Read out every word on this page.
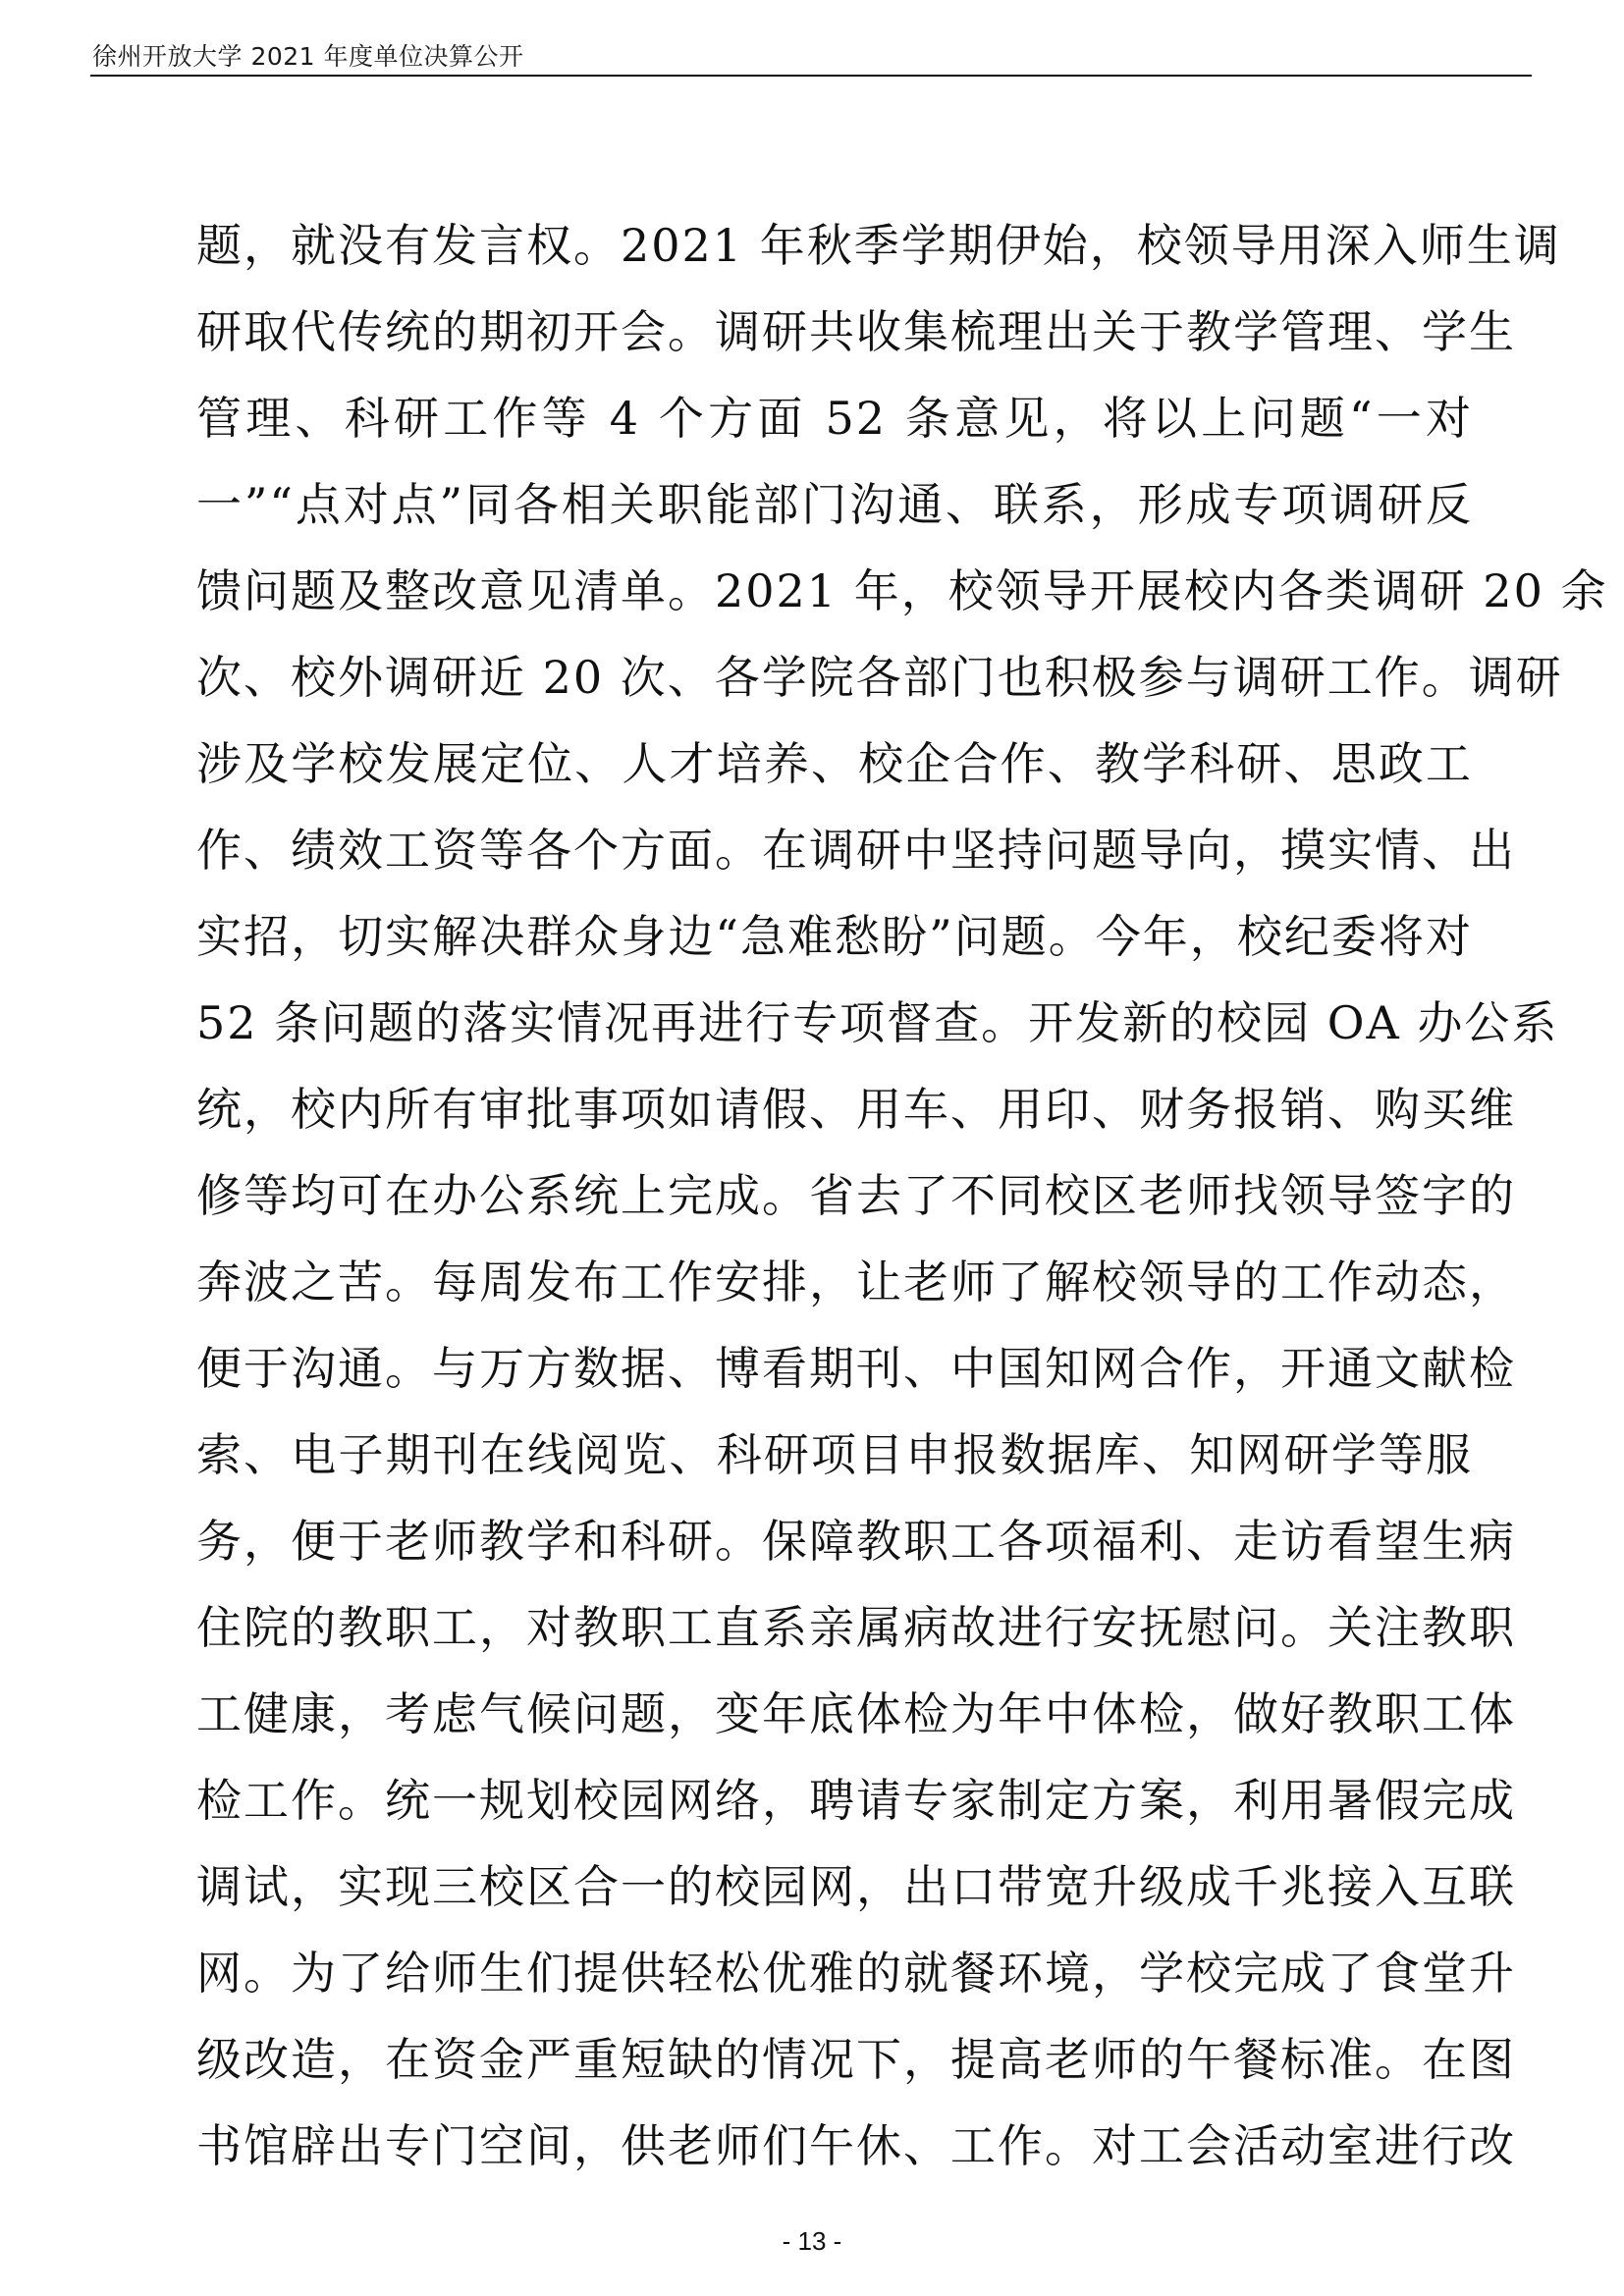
徐州开放大学 2021 年度单位决算公开
题，就没有发言权。2021 年秋季学期伊始，校领导用深入师生调
研取代传统的期初开会。调研共收集梳理出关于教学管理、学生
管理、科研工作等 4 个方面 52 条意见，将以上问题“一对
一”“点对点”同各相关职能部门沟通、联系，形成专项调研反
馈问题及整改意见清单。2021 年，校领导开展校内各类调研 20 余
次、校外调研近 20 次、各学院各部门也积极参与调研工作。调研
涉及学校发展定位、人才培养、校企合作、教学科研、思政工
作、绩效工资等各个方面。在调研中坚持问题导向，摸实情、出
实招，切实解决群众身边“急难愁盼”问题。今年，校纪委将对
52 条问题的落实情况再进行专项督查。开发新的校园 OA 办公系
统，校内所有审批事项如请假、用车、用印、财务报销、购买维
修等均可在办公系统上完成。省去了不同校区老师找领导签字的
奔波之苦。每周发布工作安排，让老师了解校领导的工作动态，
便于沟通。与万方数据、博看期刊、中国知网合作，开通文献检
索、电子期刊在线阅览、科研项目申报数据库、知网研学等服
务，便于老师教学和科研。保障教职工各项福利、走访看望生病
住院的教职工，对教职工直系亲属病故进行安抚慰问。关注教职
工健康，考虑气候问题，变年底体检为年中体检，做好教职工体
检工作。统一规划校园网络，聘请专家制定方案，利用暑假完成
调试，实现三校区合一的校园网，出口带宽升级成千兆接入互联
网。为了给师生们提供轻松优雅的就餐环境，学校完成了食堂升
级改造，在资金严重短缺的情况下，提高老师的午餐标准。在图
书馆辟出专门空间，供老师们午休、工作。对工会活动室进行改
- 13 -
